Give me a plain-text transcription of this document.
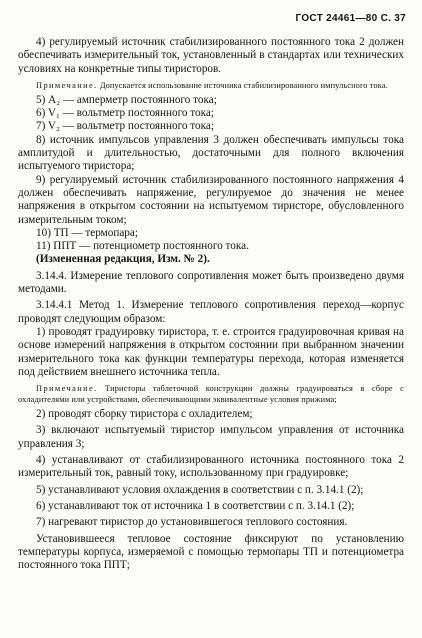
ГОСТ 24461—80 С. 37

4) регулируемый источник стабилизированного постоянного тока 2 должен обеспечивать измерительный ток, установленный в стандартах или технических условиях на конкретные типы тиристоров.

Примечание. Допускается использование источника стабилизированного импульсного тока.

5) А₂ — амперметр постоянного тока;

6) V₁ — вольтметр постоянного тока;

7) V₂ — вольтметр постоянного тока;

8) источник импульсов управления 3 должен обеспечивать импульсы тока амплитудой и длительностью, достаточными для полного включения испытуемого тиристора;

9) регулируемый источник стабилизированного постоянного напряжения 4 должен обеспечивать напряжение, регулируемое до значения не менее напряжения в открытом состоянии на испытуемом тиристоре, обусловленного измерительным током;

10) ТП — термопара;

11) ППТ — потенциометр постоянного тока.

(Измененная редакция, Изм. № 2).

3.14.4. Измерение теплового сопротивления может быть произведено двумя методами.

3.14.4.1 Метод 1. Измерение теплового сопротивления переход—корпус проводят следующим образом:

1) проводят градуировку тиристора, т. е. строится градуировочная кривая на основе измерений напряжения в открытом состоянии при выбранном значении измерительного тока как функции температуры перехода, которая изменяется под действием внешнего источника тепла.

Примечание. Тиристоры таблеточной конструкции должны градуироваться в сборе с охладителями или устройствами, обеспечивающими эквивалентные условия прижима;

2) проводят сборку тиристора с охладителем;

3) включают испытуемый тиристор импульсом управления от источника управления 3;

4) устанавливают от стабилизированного источника постоянного тока 2 измерительный ток, равный току, использованному при градуировке;

5) устанавливают условия охлаждения в соответствии с п. 3.14.1 (2);

6) устанавливают ток от источника 1 в соответствии с п. 3.14.1 (2);

7) нагревают тиристор до установившегося теплового состояния.

Установившееся тепловое состояние фиксируют по установлению температуры корпуса, измеряемой с помощью термопары ТП и потенциометра постоянного тока ППТ;
